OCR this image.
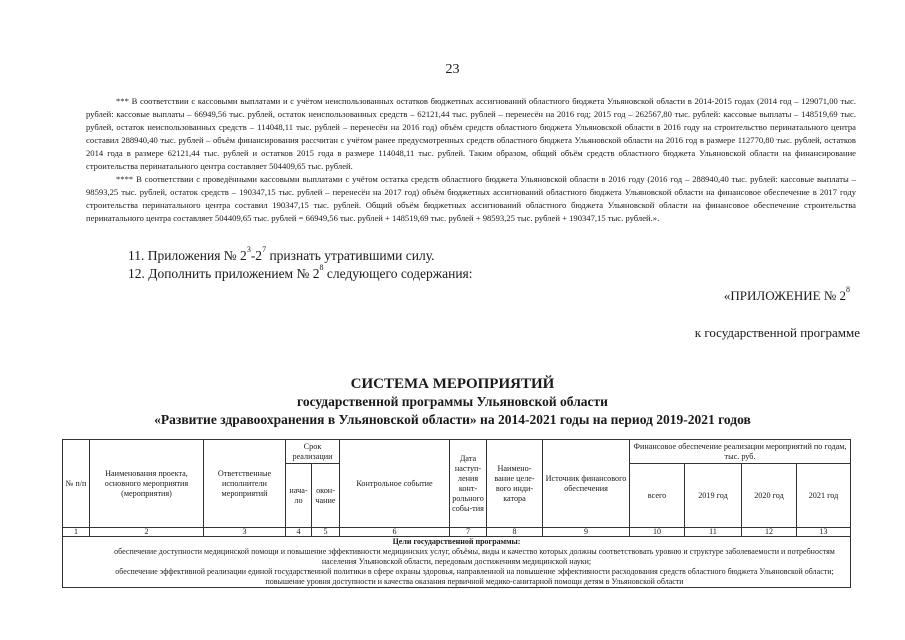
23

*** В соответствии с кассовыми выплатами и с учётом неиспользованных остатков бюджетных ассигнований областного бюджета Ульяновской области в 2014-2015 годах (2014 год – 129071,00 тыс. рублей: кассовые выплаты – 66949,56 тыс. рублей, остаток неиспользованных средств – 62121,44 тыс. рублей – перенесён на 2016 год; 2015 год – 262567,80 тыс. рублей: кассовые выплаты – 148519,69 тыс. рублей, остаток неиспользованных средств – 114048,11 тыс. рублей – перенесён на 2016 год) объём средств областного бюджета Ульяновской области в 2016 году на строительство перинатального центра составил 288940,40 тыс. рублей – объём финансирования рассчитан с учётом ранее предусмотренных средств областного бюджета Ульяновской области на 2016 год в размере 112770,80 тыс. рублей, остатков 2014 года в размере 62121,44 тыс. рублей и остатков 2015 года в размере 114048,11 тыс. рублей. Таким образом, общий объём средств областного бюджета Ульяновской области на финансирование строительства перинатального центра составляет 504409,65 тыс. рублей.

**** В соответствии с проведёнными кассовыми выплатами с учётом остатка средств областного бюджета Ульяновской области в 2016 году (2016 год – 288940,40 тыс. рублей: кассовые выплаты – 98593,25 тыс. рублей, остаток средств – 190347,15 тыс. рублей – перенесён на 2017 год) объём бюджетных ассигнований областного бюджета Ульяновской области на финансовое обеспечение в 2017 году строительства перинатального центра составил 190347,15 тыс. рублей. Общий объём бюджетных ассигнований областного бюджета Ульяновской области на финансовое обеспечение строительства перинатального центра составляет 504409,65 тыс. рублей = 66949,56 тыс. рублей + 148519,69 тыс. рублей + 98593,25 тыс. рублей + 190347,15 тыс. рублей.».

11. Приложения № $2^3-2^7$ признать утратившими силу.
12. Дополнить приложением № $2^8$ следующего содержания:
«ПРИЛОЖЕНИЕ № $2^8$
к государственной программе
СИСТЕМА МЕРОПРИЯТИЙ
государственной программы Ульяновской области
«Развитие здравоохранения в Ульяновской области» на 2014-2021 годы на период 2019-2021 годов
№ п/п	Наименования проекта, основного мероприятия (мероприятия)	Ответственные исполнители мероприятий	Срок реализации		Контрольное событие	Дата наступ-ления конт-рольного собы-тия	Наимено-вание целе-вого инди-катора	Источник финансового обеспечения	Финансовое обеспечение реализации мероприятий по годам, тыс. руб.			
			нача-ло	окон-чание					всего	2019 год	2020 год	2021 год

1	2	3	4	5	6	7	8	9	10	11	12	13

Цели государственной программы:

обеспечение доступности медицинской помощи и повышение эффективности медицинских услуг, объёмы, виды и качество которых должны соответствовать уровню и структуре заболеваемости и потребностям населения Ульяновской области, передовым достижениям медицинской науки;

обеспечение эффективной реализации единой государственной политики в сфере охраны здоровья, направленной на повышение эффективности расходования средств областного бюджета Ульяновской области;

повышение уровня доступности и качества оказания первичной медико-санитарной помощи детям в Ульяновской области												
